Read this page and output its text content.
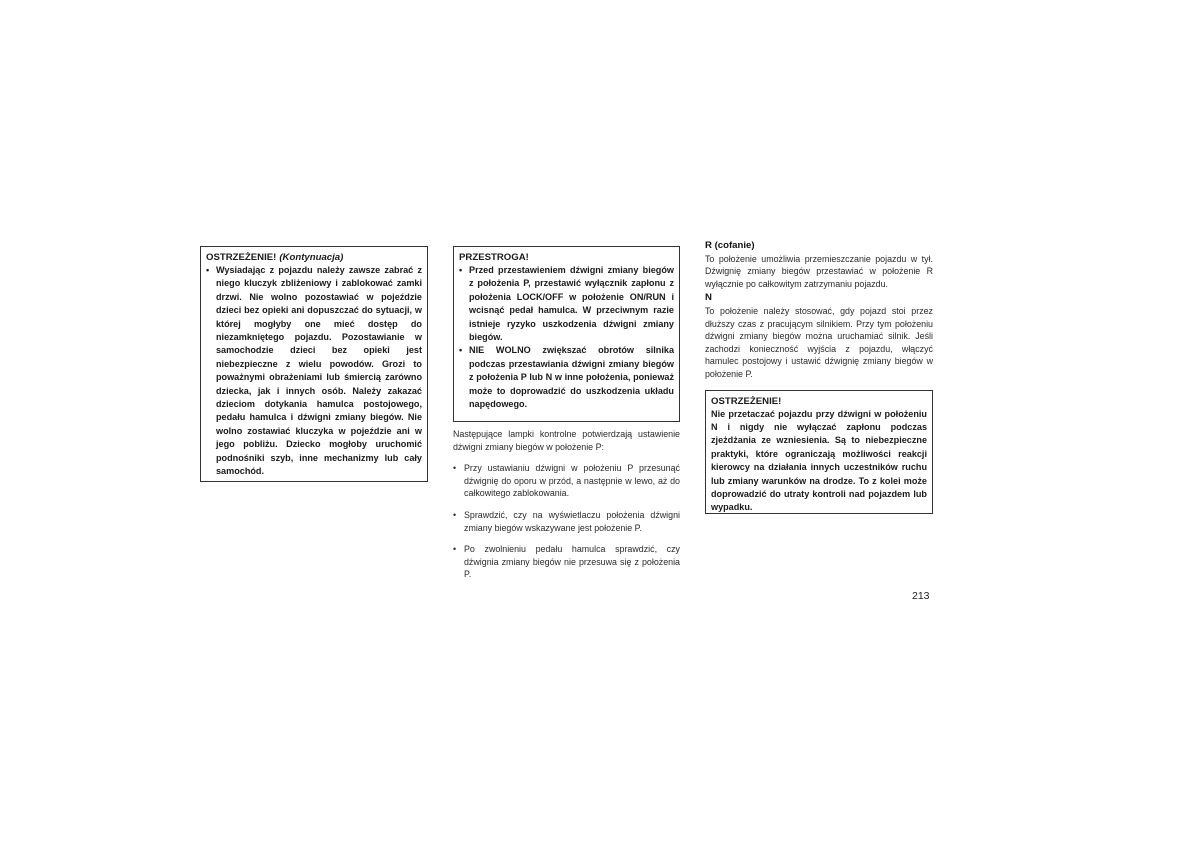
OSTRZEŻENIE! (Kontynuacja)

• Wysiadając z pojazdu należy zawsze zabrać z niego kluczyk zbliżeniowy i zablokować zamki drzwi. Nie wolno pozostawiać w pojeździe dzieci bez opieki ani dopuszczać do sytuacji, w której mogłyby one mieć dostęp do niezamkniętego pojazdu. Pozostawianie w samochodzie dzieci bez opieki jest niebezpieczne z wielu powodów. Grozi to poważnymi obrażeniami lub śmiercią zarówno dziecka, jak i innych osób. Należy zakazać dzieciom dotykania hamulca postojowego, pedału hamulca i dźwigni zmiany biegów. Nie wolno zostawiać kluczyka w pojeździe ani w jego pobliżu. Dziecko mogłoby uruchomić podnośniki szyb, inne mechanizmy lub cały samochód.

PRZESTROGA!

• Przed przestawieniem dźwigni zmiany biegów z położenia P, przestawić wyłącznik zapłonu z położenia LOCK/OFF w położenie ON/RUN i wcisnąć pedał hamulca. W przeciwnym razie istnieje ryzyko uszkodzenia dźwigni zmiany biegów.
• NIE WOLNO zwiększać obrotów silnika podczas przestawiania dźwigni zmiany biegów z położenia P lub N w inne położenia, ponieważ może to doprowadzić do uszkodzenia układu napędowego.

Następujące lampki kontrolne potwierdzają ustawienie dźwigni zmiany biegów w położenie P:

• Przy ustawianiu dźwigni w położeniu P przesunąć dźwignię do oporu w przód, a następnie w lewo, aż do całkowitego zablokowania.
• Sprawdzić, czy na wyświetlaczu położenia dźwigni zmiany biegów wskazywane jest położenie P.
• Po zwolnieniu pedału hamulca sprawdzić, czy dźwignia zmiany biegów nie przesuwa się z położenia P.

R (cofanie)

To położenie umożliwia przemieszczanie pojazdu w tył. Dźwignię zmiany biegów przestawiać w położenie R wyłącznie po całkowitym zatrzymaniu pojazdu.

N

To położenie należy stosować, gdy pojazd stoi przez dłuższy czas z pracującym silnikiem. Przy tym położeniu dźwigni zmiany biegów można uruchamiać silnik. Jeśli zachodzi konieczność wyjścia z pojazdu, włączyć hamulec postojowy i ustawić dźwignię zmiany biegów w położenie P.

OSTRZEŻENIE!

Nie przetaczać pojazdu przy dźwigni w położeniu N i nigdy nie wyłączać zapłonu podczas zjeżdżania ze wzniesienia. Są to niebezpieczne praktyki, które ograniczają możliwości reakcji kierowcy na działania innych uczestników ruchu lub zmiany warunków na drodze. To z kolei może doprowadzić do utraty kontroli nad pojazdem lub wypadku.

213
